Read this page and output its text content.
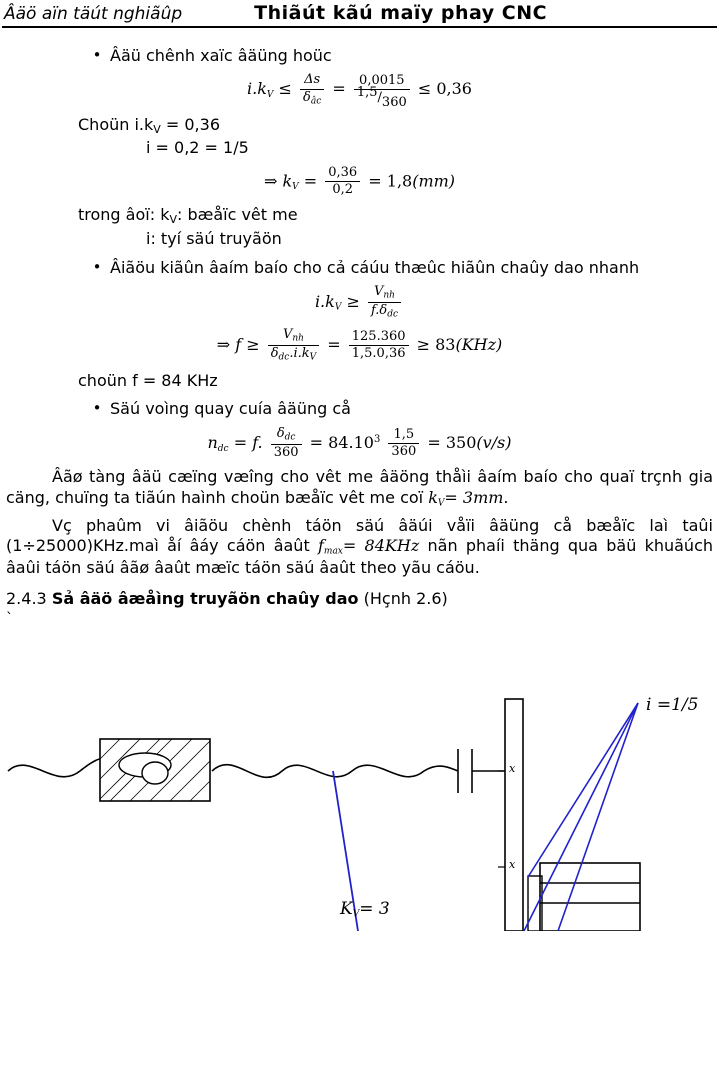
Âäö aïn täút nghiãûp	Thiãút kãú maïy phay CNC
• Âäü chênh xaïc âäüng hoüc
$i.kV \le \frac{\Delta s}{\delta_{âc}} = \frac{0,0015}{1,5/360} \le 0,36$
Choün $i.k_V = 0,36$
i = 0,2 = 1/5
⇒ kV = $\frac{0,36}{0,2} = 1,8(mm)$
trong âoï: $k_V$: bæåïc vêt me
i: tyí säú truyãön
• Âiãöu kiãûn âaím baío cho cả cáúu thæûc hiãûn chaûy dao nhanh
$i.kV \ge \frac{V_{nh}}{f.\delta_{dc}}$
⇒ $f \ge \frac{V_{nh}}{\delta_{dc}.i.k_V} = \frac{125.360}{1,5.0,36} \ge 83(KHz)$
choün f = 84 KHz
• Säú voìng quay cuía âäüng cå
ndc = f. $\frac{\delta_{dc}}{360} = 84.10^3 \frac{1,5}{360} = 350(v/s)$
Âãø tàng âäü cæïng væîng cho vêt me âäöng thåìi âaím baío cho quaï trçnh gia cäng, chuïng ta tiãún haình choün bæåïc vêt me coï kV= 3mm.
Vç phaûm vi âiãöu chènh táön säú âäúi våïi âäüng cå bæåïc laì taûi (1÷25000)KHz.maì åí âáy cáön âaût fmax= 84KHz nãn phaíi thäng qua bäü khuãúch âaûi táön säú âãø âaût mæïc táön säú âaût theo yãu cáöu.
2.4.3 Sả âäö âæåìng truyãön chaûy dao (Hçnh 2.6)
`
i =1/5
KV= 3
x
x
